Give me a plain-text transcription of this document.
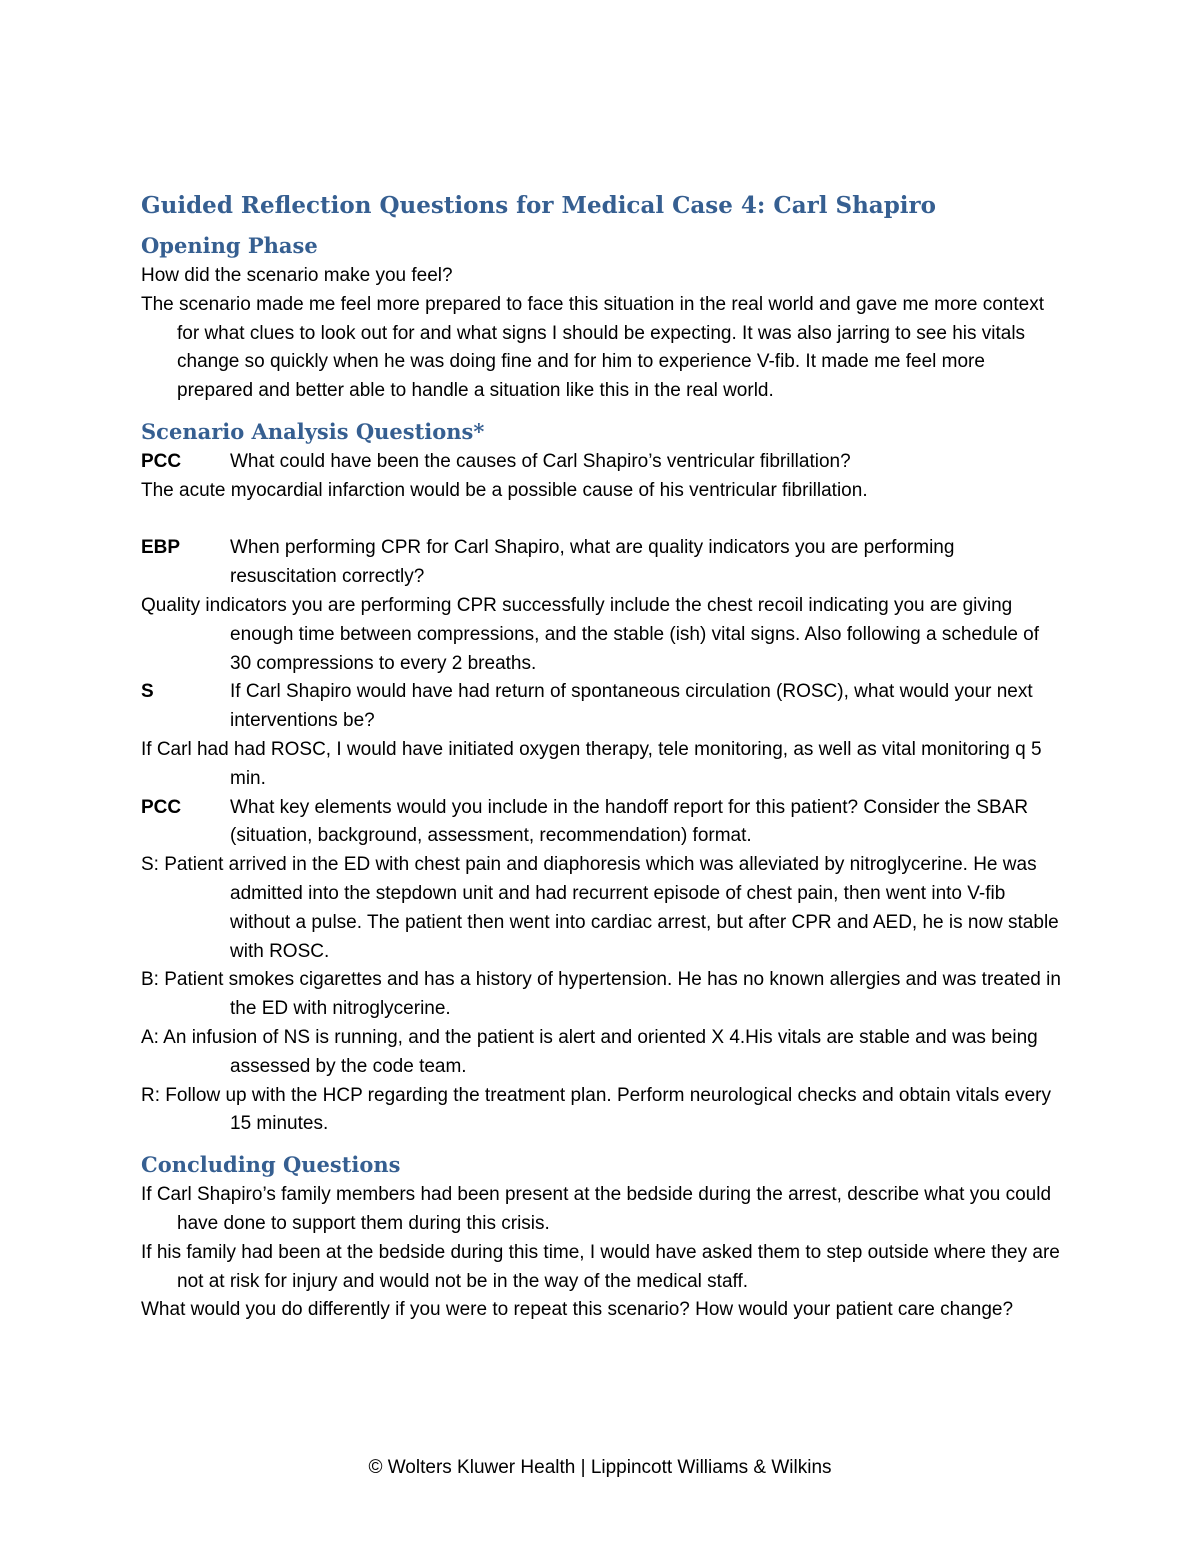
Guided Reflection Questions for Medical Case 4: Carl Shapiro
Opening Phase

How did the scenario make you feel?

The scenario made me feel more prepared to face this situation in the real world and gave me more context for what clues to look out for and what signs I should be expecting. It was also jarring to see his vitals change so quickly when he was doing fine and for him to experience V-fib. It made me feel more prepared and better able to handle a situation like this in the real world.

Scenario Analysis Questions*
PCC	What could have been the causes of Carl Shapiro’s ventricular fibrillation?

The acute myocardial infarction would be a possible cause of his ventricular fibrillation.

EBP	When performing CPR for Carl Shapiro, what are quality indicators you are performing resuscitation correctly?

Quality indicators you are performing CPR successfully include the chest recoil indicating you are giving enough time between compressions, and the stable (ish) vital signs. Also following a schedule of 30 compressions to every 2 breaths.

S	If Carl Shapiro would have had return of spontaneous circulation (ROSC), what would your next interventions be?

If Carl had had ROSC, I would have initiated oxygen therapy, tele monitoring, as well as vital monitoring q 5 min.

PCC	What key elements would you include in the handoff report for this patient? Consider the SBAR (situation, background, assessment, recommendation) format.

S: Patient arrived in the ED with chest pain and diaphoresis which was alleviated by nitroglycerine. He was admitted into the stepdown unit and had recurrent episode of chest pain, then went into V-fib without a pulse. The patient then went into cardiac arrest, but after CPR and AED, he is now stable with ROSC.

B: Patient smokes cigarettes and has a history of hypertension. He has no known allergies and was treated in the ED with nitroglycerine.

A: An infusion of NS is running, and the patient is alert and oriented X 4.His vitals are stable and was being assessed by the code team.

R: Follow up with the HCP regarding the treatment plan. Perform neurological checks and obtain vitals every 15 minutes.

Concluding Questions

If Carl Shapiro’s family members had been present at the bedside during the arrest, describe what you could have done to support them during this crisis.

If his family had been at the bedside during this time, I would have asked them to step outside where they are not at risk for injury and would not be in the way of the medical staff.

What would you do differently if you were to repeat this scenario? How would your patient care change?

© Wolters Kluwer Health | Lippincott Williams & Wilkins
